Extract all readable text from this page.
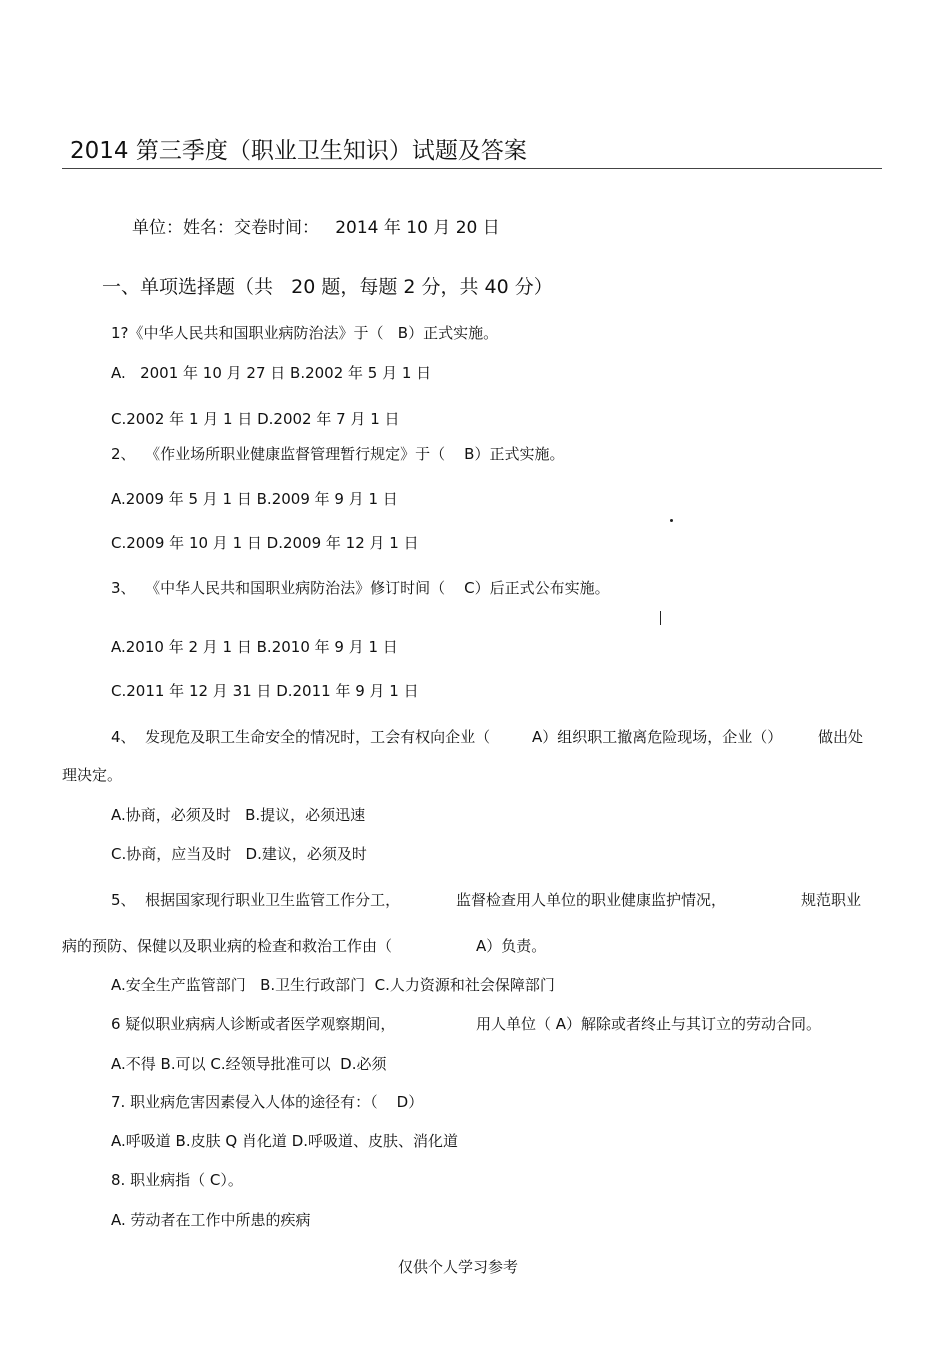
2014 第三季度（职业卫生知识）试题及答案
单位：姓名：交卷时间：   2014 年 10 月 20 日
一、单项选择题（共   20 题，每题 2 分，共 40 分）
1?《中华人民共和国职业病防治法》于（   B）正式实施。
A.   2001 年 10 月 27 日 B.2002 年 5 月 1 日
C.2002 年 1 月 1 日 D.2002 年 7 月 1 日
2、  《作业场所职业健康监督管理暂行规定》于（    B）正式实施。
A.2009 年 5 月 1 日 B.2009 年 9 月 1 日
C.2009 年 10 月 1 日 D.2009 年 12 月 1 日
3、  《中华人民共和国职业病防治法》修订时间（    C）后正式公布实施。
A.2010 年 2 月 1 日 B.2010 年 9 月 1 日
C.2011 年 12 月 31 日 D.2011 年 9 月 1 日
4、  发现危及职工生命安全的情况时，工会有权向企业（	A）组织职工撤离危险现场，企业（） 做出处
理决定。
A.协商，必须及时   B.提议，必须迅速
C.协商，应当及时   D.建议，必须及时
5、  根据国家现行职业卫生监管工作分工，	监督检查用人单位的职业健康监护情况，	规范职业
病的预防、保健以及职业病的检查和救治工作由（	A）负责。
A.安全生产监管部门   B.卫生行政部门  C.人力资源和社会保障部门
6 疑似职业病病人诊断或者医学观察期间，	用人单位（ A）解除或者终止与其订立的劳动合同。
A.不得 B.可以 C.经领导批准可以  D.必须
7. 职业病危害因素侵入人体的途径有：（    D）
A.呼吸道 B.皮肤 Q 肖化道 D.呼吸道、皮肤、消化道
8. 职业病指（ C）。
A. 劳动者在工作中所患的疾病
仅供个人学习参考
